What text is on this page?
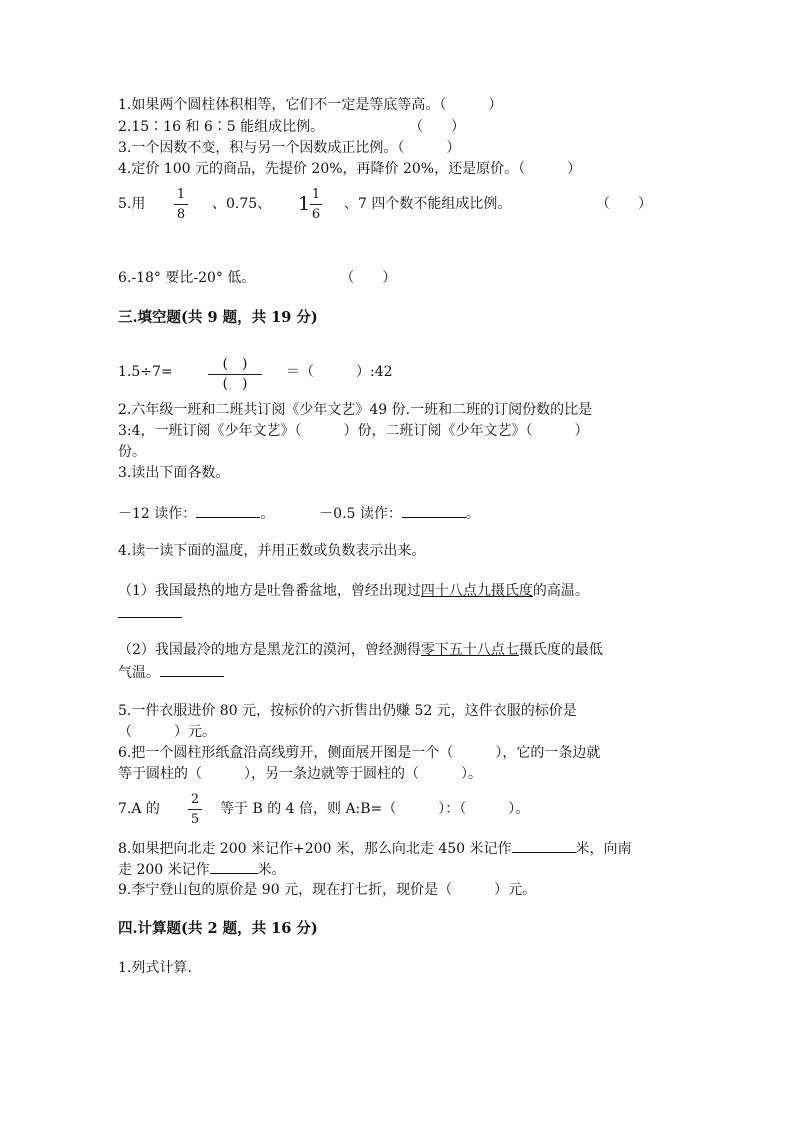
1.如果两个圆柱体积相等，它们不一定是等底等高。（　　　）
2.15∶16 和 6∶5 能组成比例。	（　　）
3.一个因数不变，积与另一个因数成正比例。（　　　）
4.定价 100 元的商品，先提价 20%，再降价 20%，还是原价。（　　　）
5.用
1
8
、0.75、 1 1
6
、7 四个数不能组成比例。	（　　）
6.-18° 要比-20° 低。	（　　）
三.填空题(共 9 题，共 19 分)
1.5÷7=	(　)
(　)
＝（　　　）:42
2.六年级一班和二班共订阅《少年文艺》49 份.一班和二班的订阅份数的比是
3:4，一班订阅《少年文艺》（　　　）份，二班订阅《少年文艺》（　　　）
份。
3.读出下面各数。
－12 读作：	。	－0.5 读作：	。
4.读一读下面的温度，并用正数或负数表示出来。
（1）我国最热的地方是吐鲁番盆地，曾经出现过四十八点九摄氏度的高温。
（2）我国最冷的地方是黑龙江的漠河，曾经测得零下五十八点七摄氏度的最低
气温。
5.一件衣服进价 80 元，按标价的六折售出仍赚 52 元，这件衣服的标价是
（　　　）元。
6.把一个圆柱形纸盒沿高线剪开，侧面展开图是一个（　　　），它的一条边就
等于圆柱的（　　　），另一条边就等于圆柱的（　　　）。
7.A 的
2
5
等于 B 的 4 倍，则 A:B=（　　　）：（　　　）。
8.如果把向北走 200 米记作+200 米，那么向北走 450 米记作	米，向南
走 200 米记作	米。
9.李宁登山包的原价是 90 元，现在打七折，现价是（　　　）元。
四.计算题(共 2 题，共 16 分)
1.列式计算.
